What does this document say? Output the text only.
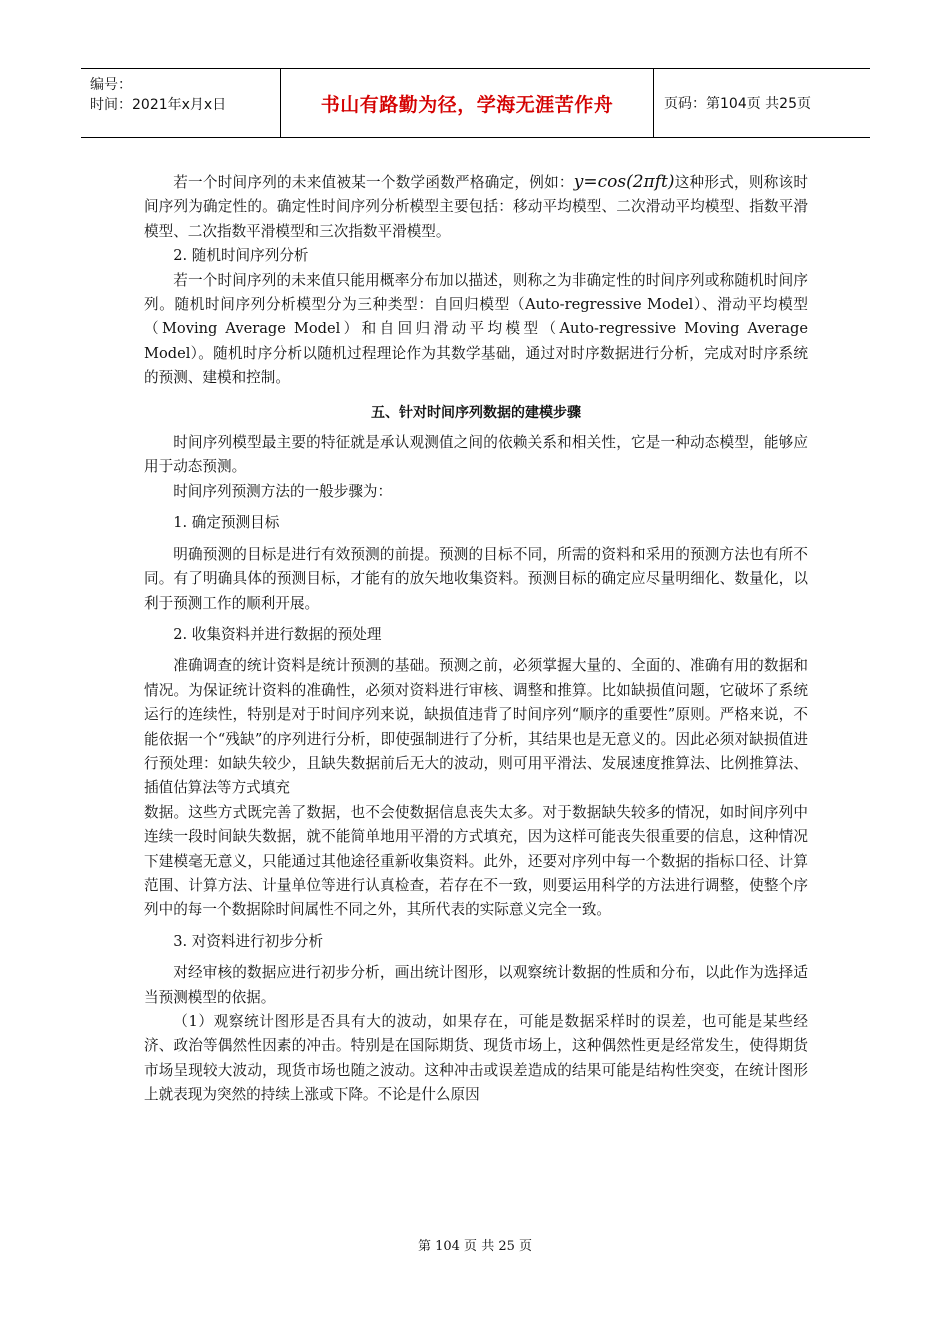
编号：
时间：2021年x月x日	书山有路勤为径，学海无涯苦作舟	页码：第104页 共25页

若一个时间序列的未来值被某一个数学函数严格确定，例如：y=cos(2πft)这种形式，则称该时间序列为确定性的。确定性时间序列分析模型主要包括：移动平均模型、二次滑动平均模型、指数平滑模型、二次指数平滑模型和三次指数平滑模型。

2. 随机时间序列分析

若一个时间序列的未来值只能用概率分布加以描述，则称之为非确定性的时间序列或称随机时间序列。随机时间序列分析模型分为三种类型：自回归模型（Auto-regressive Model）、滑动平均模型（Moving Average Model）和自回归滑动平均模型（Auto-regressive Moving Average Model）。随机时序分析以随机过程理论作为其数学基础，通过对时序数据进行分析，完成对时序系统的预测、建模和控制。

五、针对时间序列数据的建模步骤

时间序列模型最主要的特征就是承认观测值之间的依赖关系和相关性，它是一种动态模型，能够应用于动态预测。

时间序列预测方法的一般步骤为：

1. 确定预测目标

明确预测的目标是进行有效预测的前提。预测的目标不同，所需的资料和采用的预测方法也有所不同。有了明确具体的预测目标，才能有的放矢地收集资料。预测目标的确定应尽量明细化、数量化，以利于预测工作的顺利开展。

2. 收集资料并进行数据的预处理

准确调查的统计资料是统计预测的基础。预测之前，必须掌握大量的、全面的、准确有用的数据和情况。为保证统计资料的准确性，必须对资料进行审核、调整和推算。比如缺损值问题，它破坏了系统运行的连续性，特别是对于时间序列来说，缺损值违背了时间序列“顺序的重要性”原则。严格来说，不能依据一个“残缺”的序列进行分析，即使强制进行了分析，其结果也是无意义的。因此必须对缺损值进行预处理：如缺失较少，且缺失数据前后无大的波动，则可用平滑法、发展速度推算法、比例推算法、插值估算法等方式填充

数据。这些方式既完善了数据，也不会使数据信息丧失太多。对于数据缺失较多的情况，如时间序列中连续一段时间缺失数据，就不能简单地用平滑的方式填充，因为这样可能丧失很重要的信息，这种情况下建模毫无意义，只能通过其他途径重新收集资料。此外，还要对序列中每一个数据的指标口径、计算范围、计算方法、计量单位等进行认真检查，若存在不一致，则要运用科学的方法进行调整，使整个序列中的每一个数据除时间属性不同之外，其所代表的实际意义完全一致。

3. 对资料进行初步分析

对经审核的数据应进行初步分析，画出统计图形，以观察统计数据的性质和分布，以此作为选择适当预测模型的依据。

（1）观察统计图形是否具有大的波动，如果存在，可能是数据采样时的误差，也可能是某些经济、政治等偶然性因素的冲击。特别是在国际期货、现货市场上，这种偶然性更是经常发生，使得期货市场呈现较大波动，现货市场也随之波动。这种冲击或误差造成的结果可能是结构性突变，在统计图形上就表现为突然的持续上涨或下降。不论是什么原因

第 104 页 共 25 页
